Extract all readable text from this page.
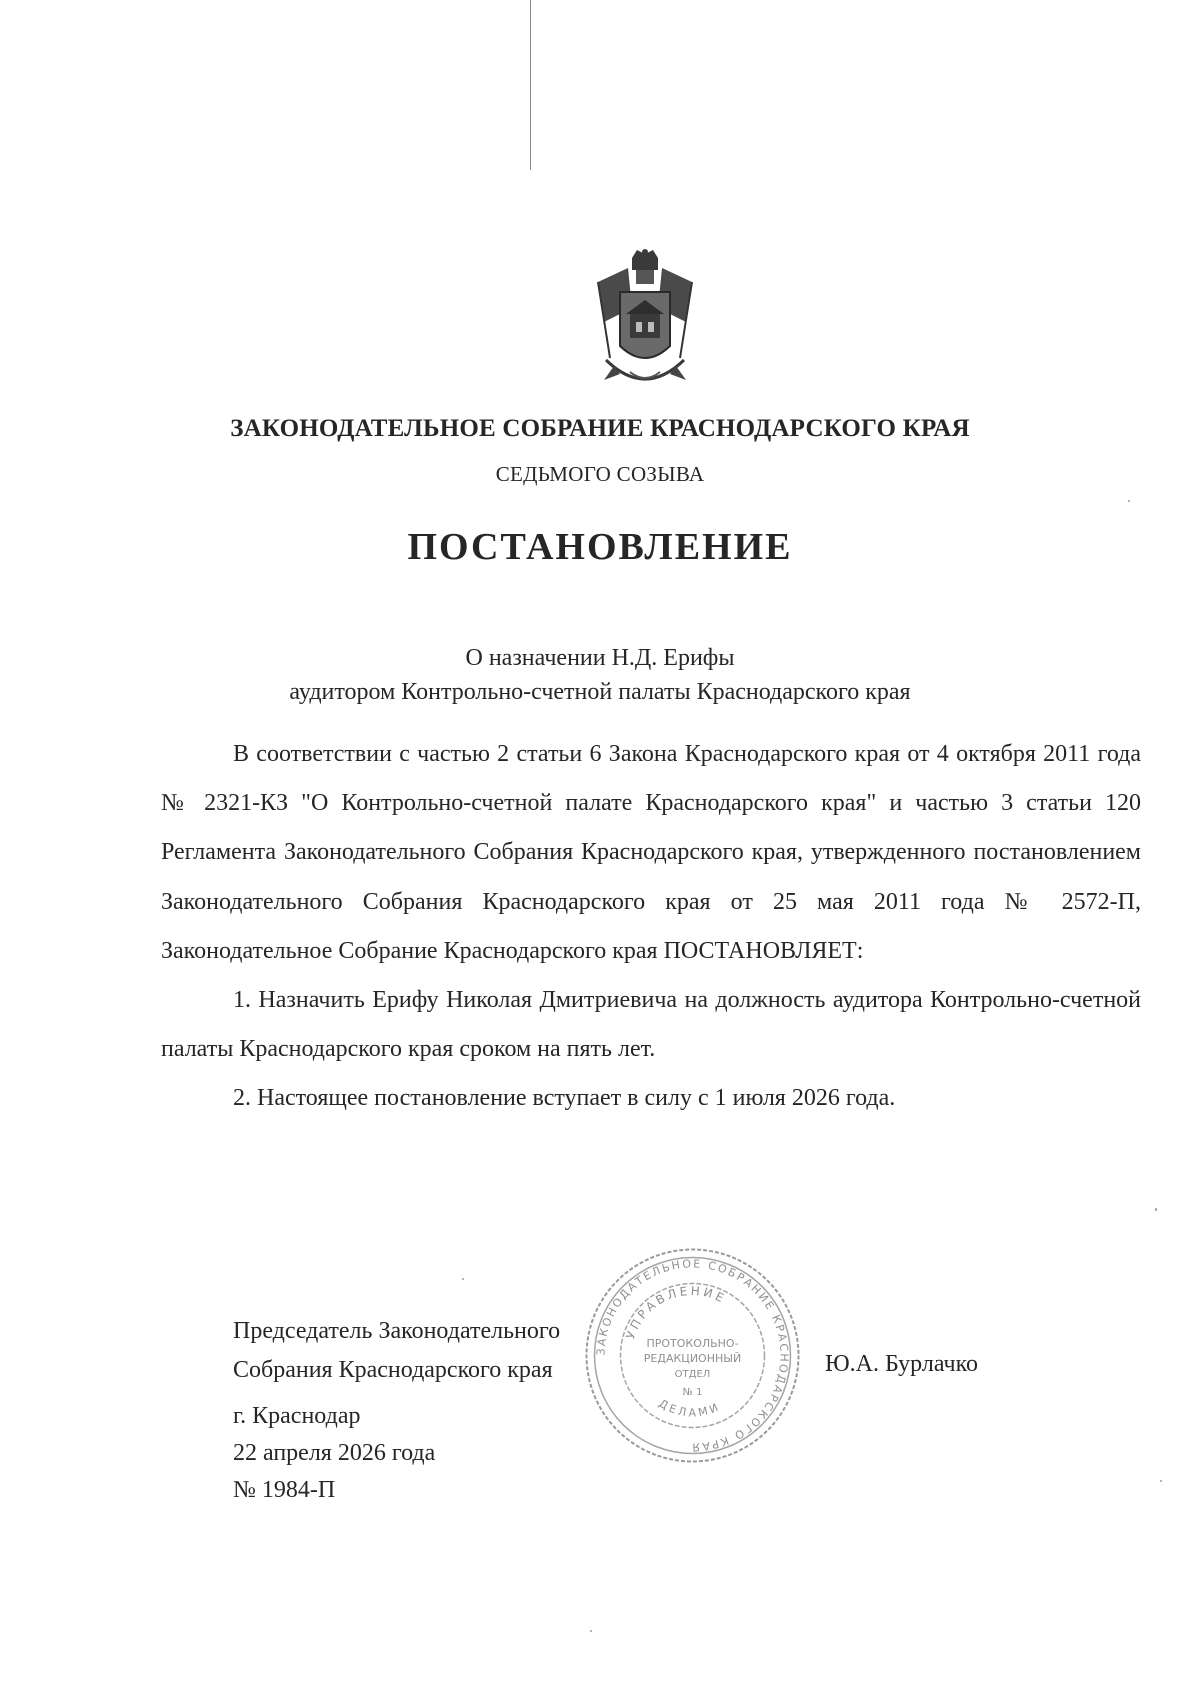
ЗАКОНОДАТЕЛЬНОЕ СОБРАНИЕ КРАСНОДАРСКОГО КРАЯ
СЕДЬМОГО СОЗЫВА
ПОСТАНОВЛЕНИЕ
О назначении Н.Д. Ерифы
аудитором Контрольно-счетной палаты Краснодарского края

В соответствии с частью 2 статьи 6 Закона Краснодарского края от 4 октября 2011 года № 2321-КЗ "О Контрольно-счетной палате Краснодарского края" и частью 3 статьи 120 Регламента Законодательного Собрания Краснодарского края, утвержденного постановлением Законодательного Собрания Краснодарского края от 25 мая 2011 года № 2572-П, Законодательное Собрание Краснодарского края ПОСТАНОВЛЯЕТ:

1. Назначить Ерифу Николая Дмитриевича на должность аудитора Контрольно-счетной палаты Краснодарского края сроком на пять лет.

2. Настоящее постановление вступает в силу с 1 июля 2026 года.

ЗАКОНОДАТЕЛЬНОЕ СОБРАНИЕ КРАСНОДАРСКОГО КРАЯ
УПРАВЛЕНИЕ
ПРОТОКОЛЬНО-
РЕДАКЦИОННЫЙ
ОТДЕЛ
№ 1
ДЕЛАМИ
Председатель Законодательного
Собрания Краснодарского края	Ю.А. Бурлачко
г. Краснодар
22 апреля 2026 года
№ 1984-П
